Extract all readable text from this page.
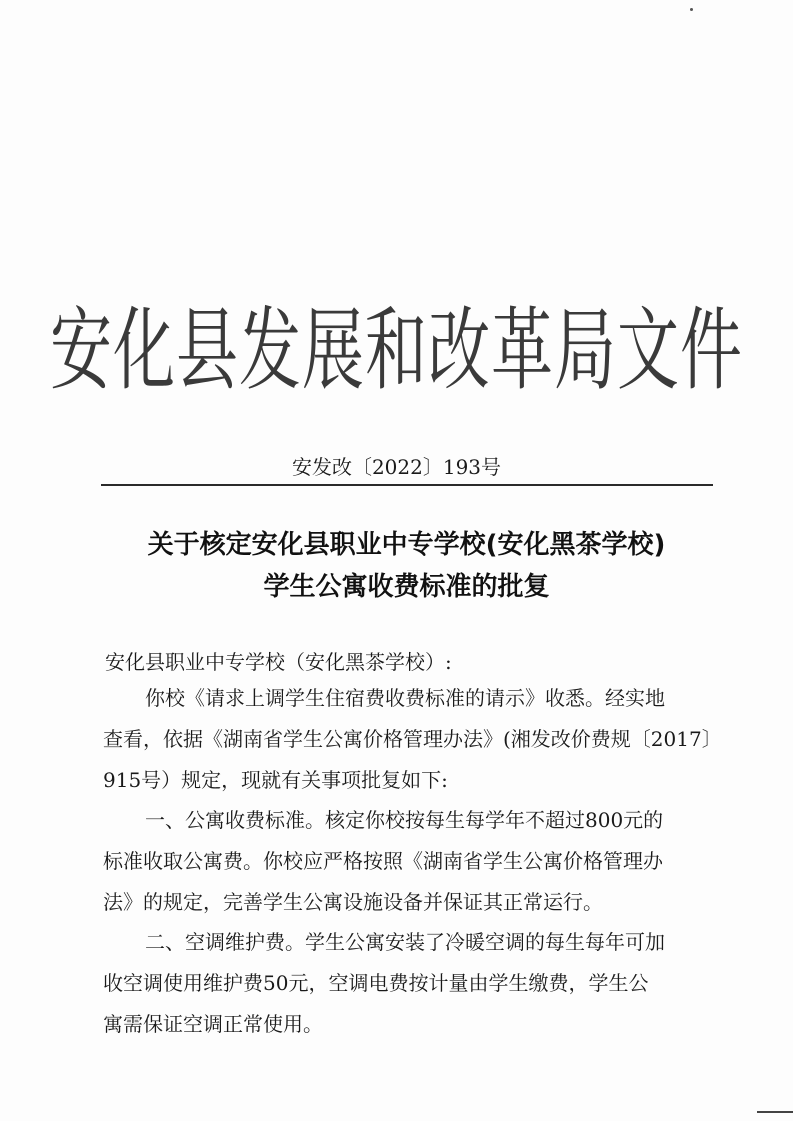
安化县发展和改革局文件
安发改〔2022〕193号
关于核定安化县职业中专学校(安化黑茶学校)
学生公寓收费标准的批复
安化县职业中专学校（安化黑茶学校）:
你校《请求上调学生住宿费收费标准的请示》收悉。经实地
查看，依据《湖南省学生公寓价格管理办法》(湘发改价费规〔2017〕
915号）规定，现就有关事项批复如下:
一、公寓收费标准。核定你校按每生每学年不超过800元的
标准收取公寓费。你校应严格按照《湖南省学生公寓价格管理办
法》的规定，完善学生公寓设施设备并保证其正常运行。
二、空调维护费。学生公寓安装了冷暖空调的每生每年可加
收空调使用维护费50元，空调电费按计量由学生缴费，学生公
寓需保证空调正常使用。
